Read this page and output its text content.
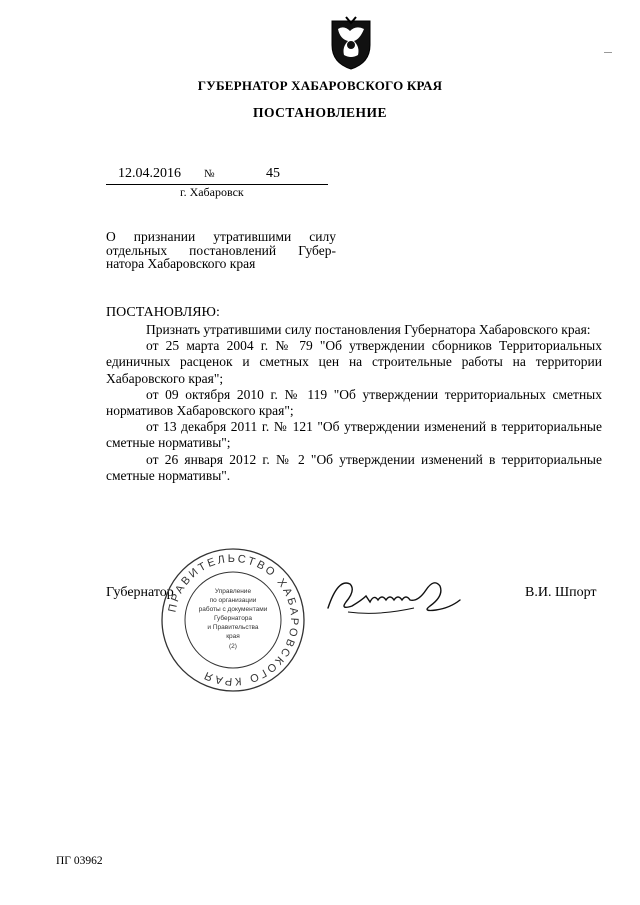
ГУБЕРНАТОР ХАБАРОВСКОГО КРАЯ
ПОСТАНОВЛЕНИЕ
12.04.2016 №	45
г. Хабаровск
О признании утратившими силу
отдельных постановлений Губер-
натора Хабаровского края
ПОСТАНОВЛЯЮ:

Признать утратившими силу постановления Губернатора Хабаровского края:

от 25 марта 2004 г. № 79 "Об утверждении сборников Территориальных единичных расценок и сметных цен на строительные работы на территории Хабаровского края";

от 09 октября 2010 г. № 119 "Об утверждении территориальных сметных нормативов Хабаровского края";

от 13 декабря 2011 г. № 121 "Об утверждении изменений в территориальные сметные нормативы";

от 26 января 2012 г. № 2 "Об утверждении изменений в территориальные сметные нормативы".

Губернатор	В.И. Шпорт
ПРАВИТЕЛЬСТВО ХАБАРОВСКОГО КРАЯ
Управление
по организации
работы с документами
Губернатора
и Правительства
края
(2)
ПГ 03962
